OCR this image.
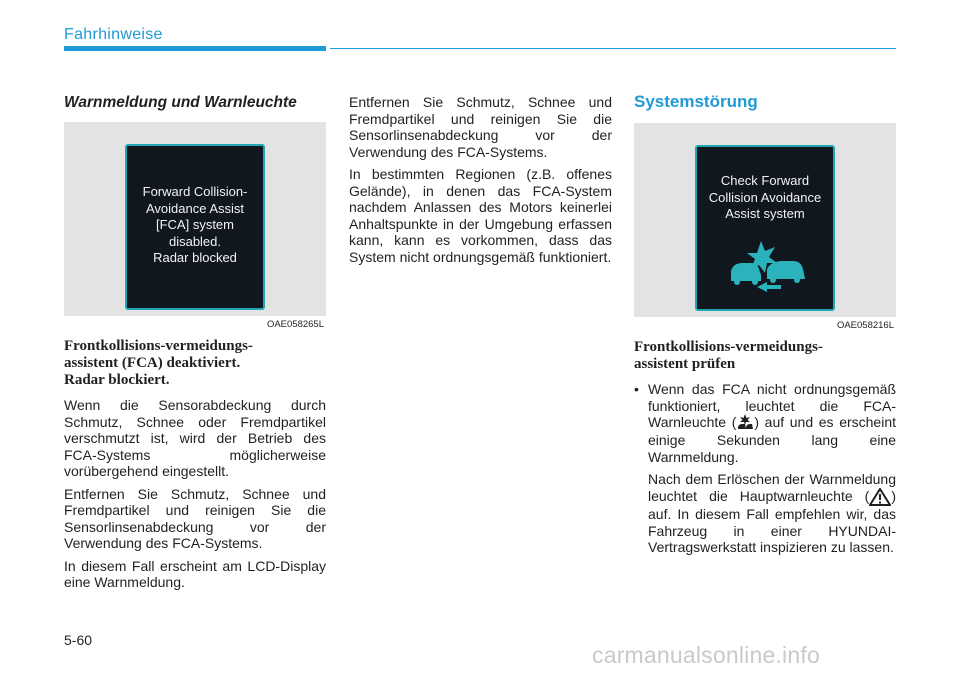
Fahrhinweise
Warnmeldung und Warnleuchte
Forward Collision-
Avoidance Assist
[FCA] system
disabled.
Radar blocked
OAE058265L
Frontkollisions-vermeidungs-
assistent (FCA) deaktiviert.
Radar blockiert.

Wenn die Sensorabdeckung durch Schmutz, Schnee oder Fremdpartikel verschmutzt ist, wird der Betrieb des FCA-Systems möglicherweise vorübergehend eingestellt.

Entfernen Sie Schmutz, Schnee und Fremdpartikel und reinigen Sie die Sensorlinsenabdeckung vor der Verwendung des FCA-Systems.

In diesem Fall erscheint am LCD-Display eine Warnmeldung.

Entfernen Sie Schmutz, Schnee und Fremdpartikel und reinigen Sie die Sensorlinsenabdeckung vor der Verwendung des FCA-Systems.

In bestimmten Regionen (z.B. offenes Gelände), in denen das FCA-System nachdem Anlassen des Motors keinerlei Anhaltspunkte in der Umgebung erfassen kann, kann es vorkommen, dass das System nicht ordnungsgemäß funktioniert.

Systemstörung
Check Forward
Collision Avoidance
Assist system
OAE058216L
Frontkollisions-vermeidungs-
assistent prüfen
• Wenn das FCA nicht ordnungsgemäß funktioniert, leuchtet die FCA-Warnleuchte ( ) auf und es erscheint einige Sekunden lang eine Warnmeldung.

Nach dem Erlöschen der Warnmeldung leuchtet die Hauptwarnleuchte ( ) auf. In diesem Fall empfehlen wir, das Fahrzeug in einer HYUNDAI-Vertragswerkstatt inspizieren zu lassen.

5-60
carmanualsonline.info
